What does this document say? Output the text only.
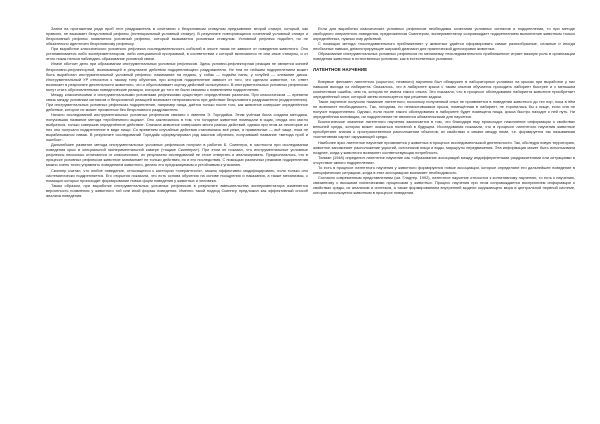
Затем на протяжении ряда проб этот раздражитель в сочетании с безусловным стимулом предъявляют второй стимул, который, как правило, не вызывает безусловный рефлекс (потенциальный условный стимул). В результате повторяющихся сочетаний условный стимул и безусловный рефлекс появляется условный рефлекс, который вызывается условным стимулом. Условный рефлекс подобен, но не обязательно идентичен безусловному рефлексу.

При выработке классического условного рефлекса последовательность событий в опыте никак не зависит от поведения животного. Оно устанавливается либо экспериментатором, либо специальной программой, в соответствии с которой включаются те или иные стимулы, и от этого никак нельзя наблюдать образование условной связи.

Иначе обстоит дело при образовании инструментальных условных рефлексов. Здесь условно-рефлекторная реакция не является копией безусловно-рефлекторной, возникающей в результате действия подкрепляющего раздражителя. Не тем не нейшим подкреплением может быть выработан инструментальный условный рефлекс: нажимание на педаль, у собак — подъём лапы, у голубей — клевание диска. Инструментальный УР относится к такому типу обучения, при котором подкрепление зависит от того, что сделало животное, т.е. ответ возникает в результате деятельности животного, что и обусловливает оценку действий испытуемого. В инструментальных условных рефлексах могут стать обусловленными поведенческие реакции, которые до того не были связаны с появлением подкрепления.

Между классическими и инструментальными условными рефлексами существует определённая различия. При классическом — времени связь между условным сигналом и безусловной реакцией возникает непроизвольно при действии безусловного раздражителя (подкрепления). При инструментальных условных рефлексах подкрепление, например пища, даётся только после того, как животное совершит определённое действие, которое не может проявиться без безусловного раздражителя.

Начало исследований инструментальных условных рефлексов связано с именем Э. Торндайка. Этим учёным была создана методика, получившая название метода «проблемного ящика». Оно заключалось в том, что голодное животное помещали в ящик, откуда оно могло выбраться, только совершив определённое действие. Сначала животное совершало много разных действий, однако при этом за некоторые из них оно получало подкрепление в виде пищи. Со временем случайные действия становились всё реже, а правильные — всё чаще, пока не вырабатывался навык. В результате исследований Торндайк сформулировал ряд законов обучения, получивший название «метода проб и ошибок».

Дальнейшее развитие метода инструментальных условных рефлексов получил в работах Б. Скиннера, в частности при исследовании поведения крыс в специальной экспериментальной камере («ящике Скиннера»). При этом он показал, что инструментальные условные рефлексы несколько отличаются от классических, их результаты исследований не стоит отвергать и анализировать. Предполагалось, что в процессе условных рефлексов животное запоминает не только действия, но и его последствия. С помощью различных режимов подкрепления можно очень точно управлять поведением животного, делать его предсказуемым и устойчивым к угасанию.

Скиннер считал, что любое поведение, относящееся к категории «оперантного», можно эффективно модифицировать, если только оно систематически подкрепляется. Его открытия показали, что есть основа обучения на основе поощрения и наказания, а также механизмы, с помощью которых происходит формирование новых форм поведения у животных и человека.

Таким образом, при выработке инструментальных условных рефлексов в результате вмешательства экспериментатора изменяется вероятность появления у животного той или иной формы поведения. Именно такой подход Скиннер предложил как эффективный способ анализа поведения.

Если для выработки классических условных рефлексов необходимы сочетания условных сигналов и подкрепления, то при методе свободного оперантного поведения, предложенном Скиннером, экспериментатор сопровождает подкреплением выполнение животным только определённых, нужных ему действий.

С помощью метода «последовательного приближения» у животных удаётся сформировать самые разнообразные, сложные и иногда необычные навыки, демонстрирующие широкий диапазон для практической дрессировки животных.

Образование инструментальных условных рефлексов по механизму «последовательного приближения» играет важную роль в организации поведения животных в естественных условиях, как в естественных условиях.

ЛАТЕНТНОЕ НАУЧЕНИЕ

Впервые феномен латентного (скрытого, неявного) научения был обнаружен в лабораторных условиях на крысах при выработке у них навыков выхода из лабиринта. Оказалось, что в лабиринте крыса с таким опытом обучается проходить лабиринт быстрее и с меньшим количеством ошибок, чем та, которая не имела такого опыта. Это показало, что в процессе обследования лабиринта животное приобретает определённый опыт, который затем используется при решении задачи.

Такое научение получило название латентного, поскольку полученный опыт не проявляется в поведении животного до тех пор, пока в нём не возникнет необходимость. Так, голодная, но ненасытившаяся крыса, помещённая в лабиринт, не торопилась бы к пище, если она не получит подкрепления. Однако, если после такого обследования в лабиринте будет помещена пища, крыса быстро находит к ней путь. Ни определённая мотивация, ни подкрепление не являются обязательными для научения.

Биологическое значение латентного научения заключается в том, что благодаря ему происходит накопление информации о свойствах внешней среды, которая может оказаться полезной в будущем. Исследования показали, что в процессе латентного научения животные приобретают знания о пространственном расположении объектов, их свойствах и связях между ними, т.е. формируется так называемая «когнитивная карта» окружающей среды.

Наиболее ярко латентное научение проявляется у животных в процессе исследовательской деятельности. Так, обследуя новую территорию, животное запоминает расположение укрытий, источников пищи и воды, маршруты передвижения. Эта информация может быть использована позднее, когда у животного возникнет соответствующая потребность.

Толман (1948) определил латентное научение как «образование ассоциаций между индифферентными раздражителями или ситуациями в отсутствие явного подкрепления».

То есть в процессе латентного научения у животного формируются новые ассоциации, которые определяют его дальнейшее поведение в специфических ситуациях, когда в этих ассоциациях возникает необходимость.

Согласно современным представлениям (см. Гладтер, 1992), латентное научение относится к когнитивному научению, то есть к научению, связанному с высшими психическими процессами у животных. Процесс научения при этом сопровождается восприятием информации о свойствах среды, их анализом и синтезом, а также формированием внутренней модели окружающего мира в центральной нервной системе, которая используется животным в процессе поведения.
